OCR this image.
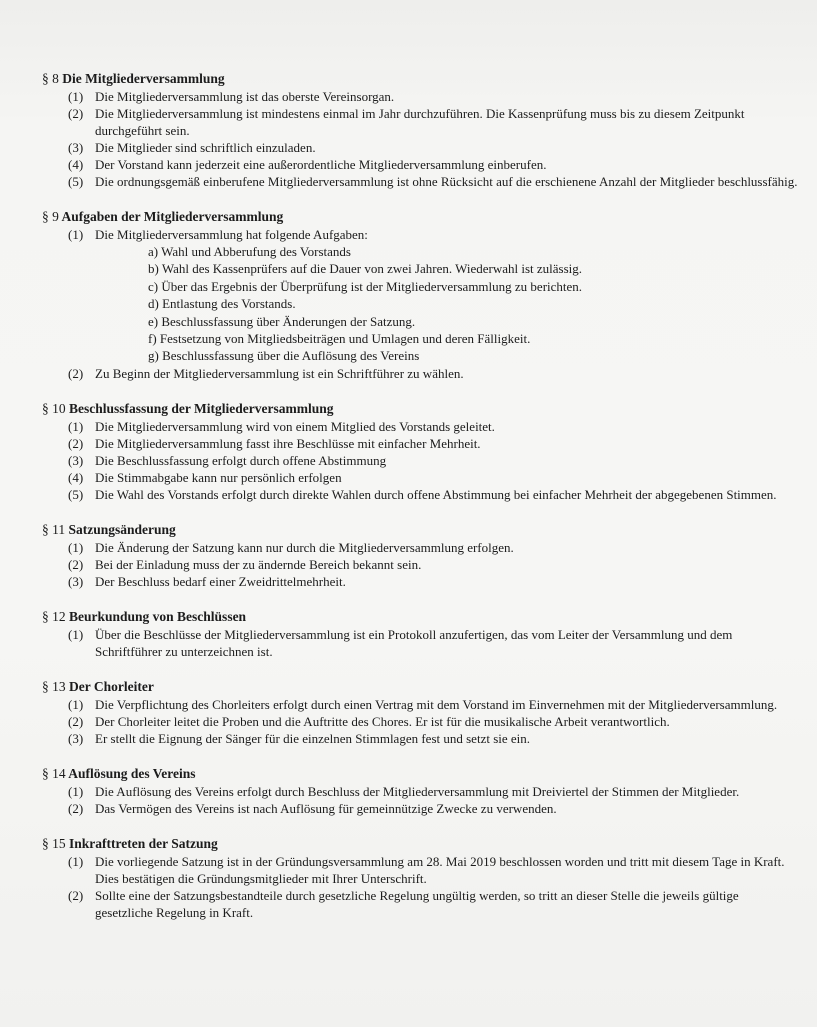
§ 8 Die Mitgliederversammlung
(1) Die Mitgliederversammlung ist das oberste Vereinsorgan.
(2) Die Mitgliederversammlung ist mindestens einmal im Jahr durchzuführen. Die Kassenprüfung muss bis zu diesem Zeitpunkt durchgeführt sein.
(3) Die Mitglieder sind schriftlich einzuladen.
(4) Der Vorstand kann jederzeit eine außerordentliche Mitgliederversammlung einberufen.
(5) Die ordnungsgemäß einberufene Mitgliederversammlung ist ohne Rücksicht auf die erschienene Anzahl der Mitglieder beschlussfähig.
§ 9 Aufgaben der Mitgliederversammlung
(1) Die Mitgliederversammlung hat folgende Aufgaben:
a) Wahl und Abberufung des Vorstands
b) Wahl des Kassenprüfers auf die Dauer von zwei Jahren. Wiederwahl ist zulässig.
c) Über das Ergebnis der Überprüfung ist der Mitgliederversammlung zu berichten.
d) Entlastung des Vorstands.
e) Beschlussfassung über Änderungen der Satzung.
f) Festsetzung von Mitgliedsbeiträgen und Umlagen und deren Fälligkeit.
g) Beschlussfassung über die Auflösung des Vereins
(2) Zu Beginn der Mitgliederversammlung ist ein Schriftführer zu wählen.
§ 10 Beschlussfassung der Mitgliederversammlung
(1) Die Mitgliederversammlung wird von einem Mitglied des Vorstands geleitet.
(2) Die Mitgliederversammlung fasst ihre Beschlüsse mit einfacher Mehrheit.
(3) Die Beschlussfassung erfolgt durch offene Abstimmung
(4) Die Stimmabgabe kann nur persönlich erfolgen
(5) Die Wahl des Vorstands erfolgt durch direkte Wahlen durch offene Abstimmung bei einfacher Mehrheit der abgegebenen Stimmen.
§ 11 Satzungsänderung
(1) Die Änderung der Satzung kann nur durch die Mitgliederversammlung erfolgen.
(2) Bei der Einladung muss der zu ändernde Bereich bekannt sein.
(3) Der Beschluss bedarf einer Zweidrittelmehrheit.
§ 12 Beurkundung von Beschlüssen
(1) Über die Beschlüsse der Mitgliederversammlung ist ein Protokoll anzufertigen, das vom Leiter der Versammlung und dem Schriftführer zu unterzeichnen ist.
§ 13 Der Chorleiter
(1) Die Verpflichtung des Chorleiters erfolgt durch einen Vertrag mit dem Vorstand im Einvernehmen mit der Mitgliederversammlung.
(2) Der Chorleiter leitet die Proben und die Auftritte des Chores. Er ist für die musikalische Arbeit verantwortlich.
(3) Er stellt die Eignung der Sänger für die einzelnen Stimmlagen fest und setzt sie ein.
§ 14 Auflösung des Vereins
(1) Die Auflösung des Vereins erfolgt durch Beschluss der Mitgliederversammlung mit Dreiviertel der Stimmen der Mitglieder.
(2) Das Vermögen des Vereins ist nach Auflösung für gemeinnützige Zwecke zu verwenden.
§ 15 Inkrafttreten der Satzung
(1) Die vorliegende Satzung ist in der Gründungsversammlung am 28. Mai 2019 beschlossen worden und tritt mit diesem Tage in Kraft.
Dies bestätigen die Gründungsmitglieder mit Ihrer Unterschrift.
(2) Sollte eine der Satzungsbestandteile durch gesetzliche Regelung ungültig werden, so tritt an dieser Stelle die jeweils gültige gesetzliche Regelung in Kraft.
